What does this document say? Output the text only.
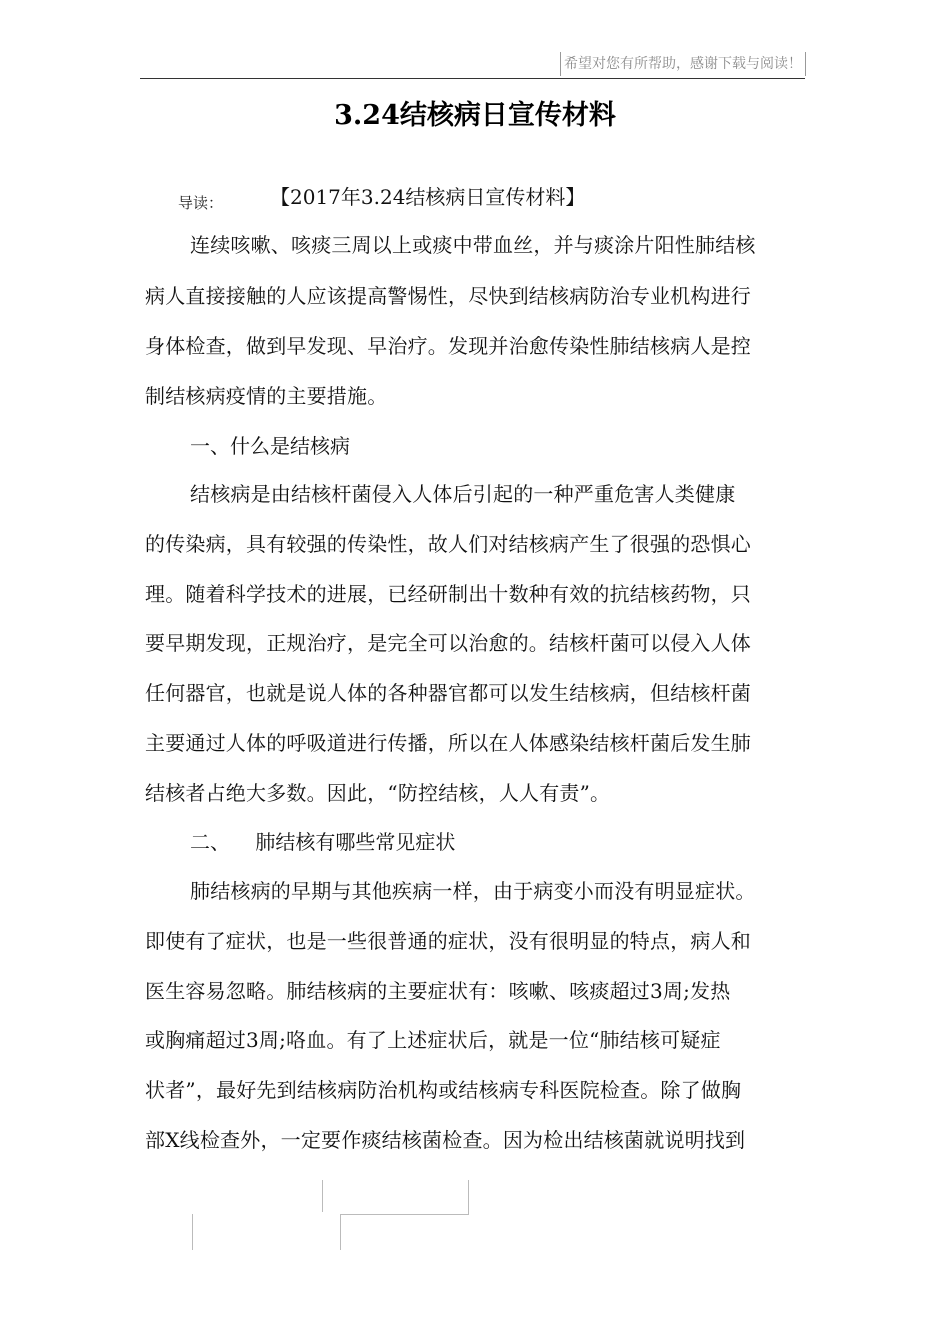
希望对您有所帮助，感谢下载与阅读！
3.24结核病日宣传材料
导读： 【2017年3.24结核病日宣传材料】
连续咳嗽、咳痰三周以上或痰中带血丝，并与痰涂片阳性肺结核
病人直接接触的人应该提高警惕性，尽快到结核病防治专业机构进行
身体检查，做到早发现、早治疗。发现并治愈传染性肺结核病人是控
制结核病疫情的主要措施。
一、什么是结核病
结核病是由结核杆菌侵入人体后引起的一种严重危害人类健康
的传染病，具有较强的传染性，故人们对结核病产生了很强的恐惧心
理。随着科学技术的进展，已经研制出十数种有效的抗结核药物，只
要早期发现，正规治疗，是完全可以治愈的。结核杆菌可以侵入人体
任何器官，也就是说人体的各种器官都可以发生结核病，但结核杆菌
主要通过人体的呼吸道进行传播，所以在人体感染结核杆菌后发生肺
结核者占绝大多数。因此，“防控结核，人人有责”。
二、    肺结核有哪些常见症状
肺结核病的早期与其他疾病一样，由于病变小而没有明显症状。
即使有了症状，也是一些很普通的症状，没有很明显的特点，病人和
医生容易忽略。肺结核病的主要症状有：咳嗽、咳痰超过3周;发热
或胸痛超过3周;咯血。有了上述症状后，就是一位“肺结核可疑症
状者”，最好先到结核病防治机构或结核病专科医院检查。除了做胸
部X线检查外，一定要作痰结核菌检查。因为检出结核菌就说明找到
